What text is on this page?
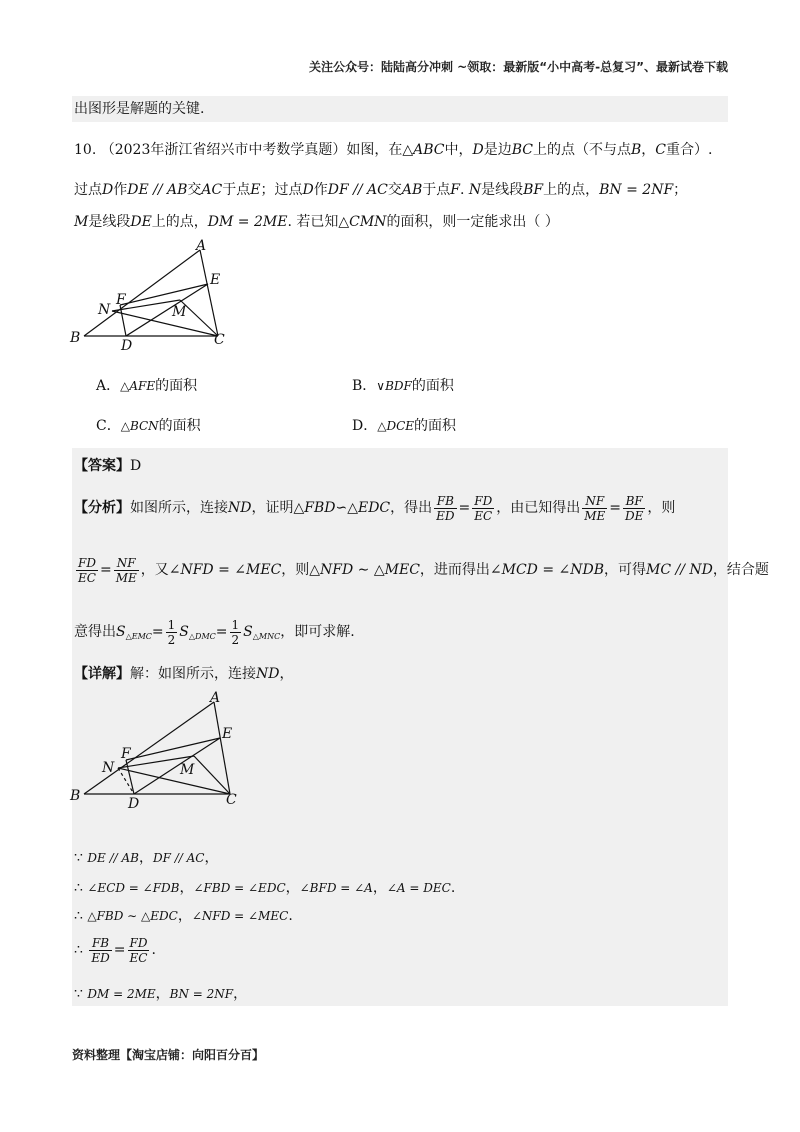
关注公众号：陆陆高分冲刺 ~领取：最新版“小中高考-总复习”、最新试卷下载
出图形是解题的关键.
10. （2023年浙江省绍兴市中考数学真题）如图，在△ABC中，D是边BC上的点（不与点B，C重合）.
过点D作DE // AB交AC于点E；过点D作DF // AC交AB于点F. N是线段BF上的点，BN = 2NF；
M是线段DE上的点，DM = 2ME. 若已知△CMN的面积，则一定能求出（ ）
A
E
F
N	M
B	D	C
A．△AFE的面积	B．∨BDF的面积
C．△BCN的面积	D．△DCE的面积
【答案】D
【分析】如图所示，连接ND，证明△FBD∽△EDC，得出 $\frac{FB}{ED} = \frac{FD}{EC}$ ，由已知得出 $\frac{NF}{ME} = \frac{BF}{DE}$ ，则
$\frac{FD}{EC} = \frac{NF}{ME}$ ，又∠NFD = ∠MEC，则△NFD ∼ △MEC，进而得出∠MCD = ∠NDB，可得MC // ND，结合题
意得出$S_{\triangle EMC}= \frac{1}{2} S_{\triangle DMC}= \frac{1}{2} S_{\triangle MNC}$，即可求解.
【详解】解：如图所示，连接ND，
A
E
F
N	M
B	D	C
∵ DE // AB，DF // AC，
∴ ∠ECD = ∠FDB，∠FBD = ∠EDC，∠BFD = ∠A，∠A = DEC.
∴ △FBD ∼ △EDC，∠NFD = ∠MEC.
∴ $\frac{FB}{ED} = \frac{FD}{EC}$ .
∵ DM = 2ME，BN = 2NF，
资料整理【淘宝店铺：向阳百分百】
